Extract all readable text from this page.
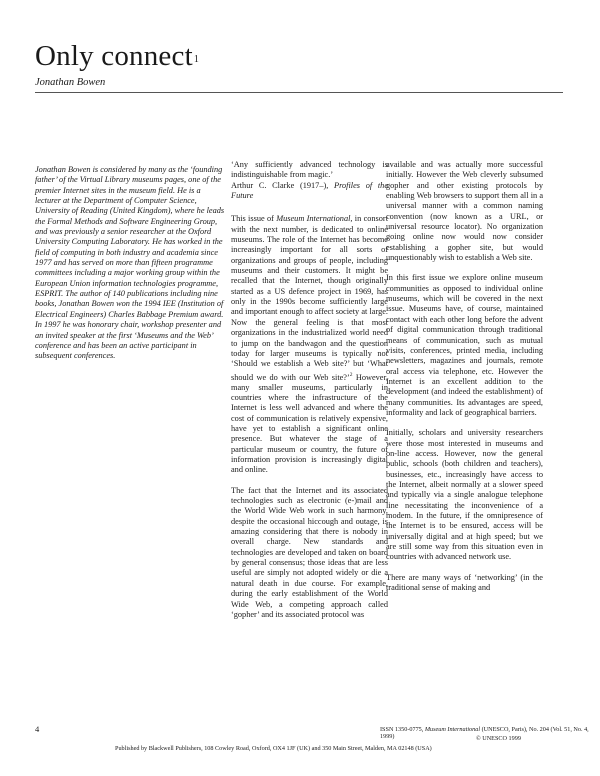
Only connect$^1$
Jonathan Bowen
Jonathan Bowen is considered by many as the ‘founding father’ of the Virtual Library museums pages, one of the premier Internet sites in the museum field. He is a lecturer at the Department of Computer Science, University of Reading (United Kingdom), where he leads the Formal Methods and Software Engineering Group, and was previously a senior researcher at the Oxford University Computing Laboratory. He has worked in the field of computing in both industry and academia since 1977 and has served on more than fifteen programme committees including a major working group within the European Union information technologies programme, ESPRIT. The author of 140 publications including nine books, Jonathan Bowen won the 1994 IEE (Institution of Electrical Engineers) Charles Babbage Premium award. In 1997 he was honorary chair, workshop presenter and an invited speaker at the first ‘Museums and the Web’ conference and has been an active participant in subsequent conferences.
‘Any sufficiently advanced technology is indistinguishable from magic.’
Arthur C. Clarke (1917–), Profiles of the Future

This issue of Museum International, in consort with the next number, is dedicated to online museums. The role of the Internet has become increasingly important for all sorts of organizations and groups of people, including museums and their customers. It might be recalled that the Internet, though originally started as a US defence project in 1969, has only in the 1990s become sufficiently large and important enough to affect society at large. Now the general feeling is that most organizations in the industrialized world need to jump on the bandwagon and the question today for larger museums is typically not ‘Should we establish a Web site?’ but ‘What should we do with our Web site?’$^2$ However, many smaller museums, particularly in countries where the infrastructure of the Internet is less well advanced and where the cost of communication is relatively expensive, have yet to establish a significant online presence. But whatever the stage of a particular museum or country, the future of information provision is increasingly digital and online.

The fact that the Internet and its associated technologies such as electronic (e-)mail and the World Wide Web work in such harmony, despite the occasional hiccough and outage, is amazing considering that there is nobody in overall charge. New standards and technologies are developed and taken on board by general consensus; those ideas that are less useful are simply not adopted widely or die a natural death in due course. For example, during the early establishment of the World Wide Web, a competing approach called ‘gopher’ and its associated protocol was

available and was actually more successful initially. However the Web cleverly subsumed gopher and other existing protocols by enabling Web browsers to support them all in a universal manner with a common naming convention (now known as a URL, or universal resource locator). No organization going online now would now consider establishing a gopher site, but would unquestionably wish to establish a Web site.

In this first issue we explore online museum communities as opposed to individual online museums, which will be covered in the next issue. Museums have, of course, maintained contact with each other long before the advent of digital communication through traditional means of communication, such as mutual visits, conferences, printed media, including newsletters, magazines and journals, remote oral access via telephone, etc. However the Internet is an excellent addition to the development (and indeed the establishment) of many communities. Its advantages are speed, informality and lack of geographical barriers.

Initially, scholars and university researchers were those most interested in museums and on-line access. However, now the general public, schools (both children and teachers), businesses, etc., increasingly have access to the Internet, albeit normally at a slower speed and typically via a single analogue telephone line necessitating the inconvenience of a modem. In the future, if the omnipresence of the Internet is to be ensured, access will be universally digital and at high speed; but we are still some way from this situation even in countries with advanced network use.

There are many ways of ‘networking’ (in the traditional sense of making and

4	ISSN 1350-0775, Museum International (UNESCO, Paris), No. 204 (Vol. 51, No. 4, 1999)	© UNESCO 1999
Published by Blackwell Publishers, 108 Cowley Road, Oxford, OX4 1JF (UK) and 350 Main Street, Malden, MA 02148 (USA)
